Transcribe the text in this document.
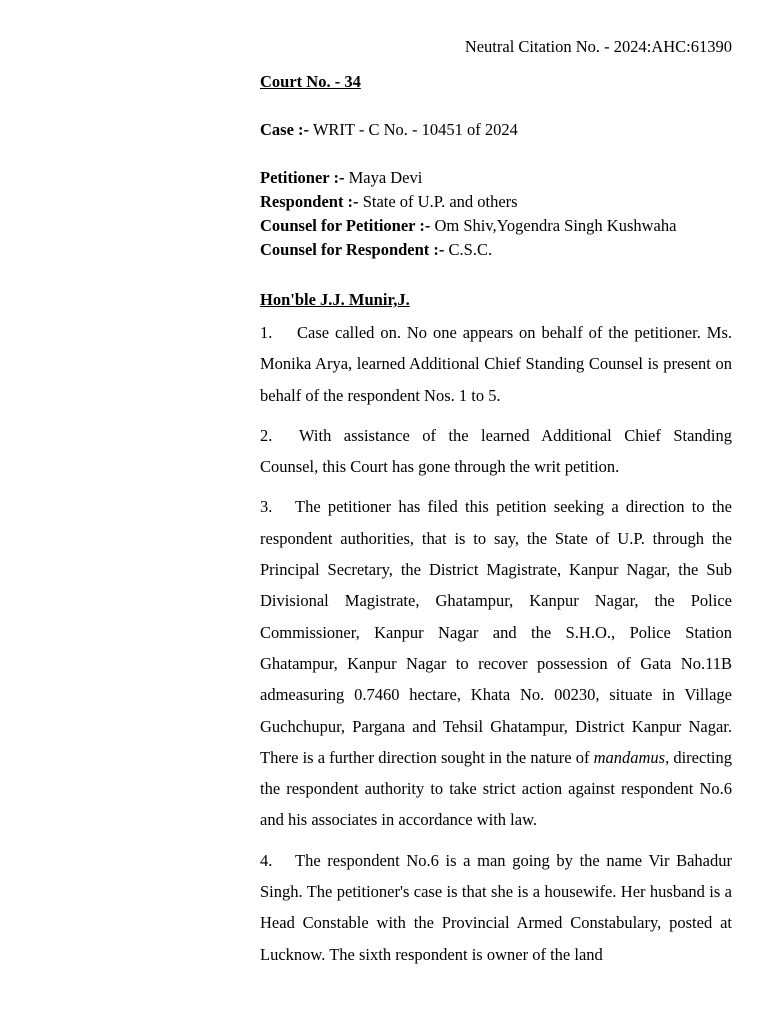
Neutral Citation No. - 2024:AHC:61390

Court No. - 34

Case :- WRIT - C No. - 10451 of 2024

Petitioner :- Maya Devi
Respondent :- State of U.P. and others
Counsel for Petitioner :- Om Shiv,Yogendra Singh Kushwaha
Counsel for Respondent :- C.S.C.

Hon'ble J.J. Munir,J.

1. Case called on. No one appears on behalf of the petitioner. Ms. Monika Arya, learned Additional Chief Standing Counsel is present on behalf of the respondent Nos. 1 to 5.

2. With assistance of the learned Additional Chief Standing Counsel, this Court has gone through the writ petition.

3. The petitioner has filed this petition seeking a direction to the respondent authorities, that is to say, the State of U.P. through the Principal Secretary, the District Magistrate, Kanpur Nagar, the Sub Divisional Magistrate, Ghatampur, Kanpur Nagar, the Police Commissioner, Kanpur Nagar and the S.H.O., Police Station Ghatampur, Kanpur Nagar to recover possession of Gata No.11B admeasuring 0.7460 hectare, Khata No. 00230, situate in Village Guchchupur, Pargana and Tehsil Ghatampur, District Kanpur Nagar. There is a further direction sought in the nature of mandamus, directing the respondent authority to take strict action against respondent No.6 and his associates in accordance with law.

4. The respondent No.6 is a man going by the name Vir Bahadur Singh. The petitioner's case is that she is a housewife. Her husband is a Head Constable with the Provincial Armed Constabulary, posted at Lucknow. The sixth respondent is owner of the land
